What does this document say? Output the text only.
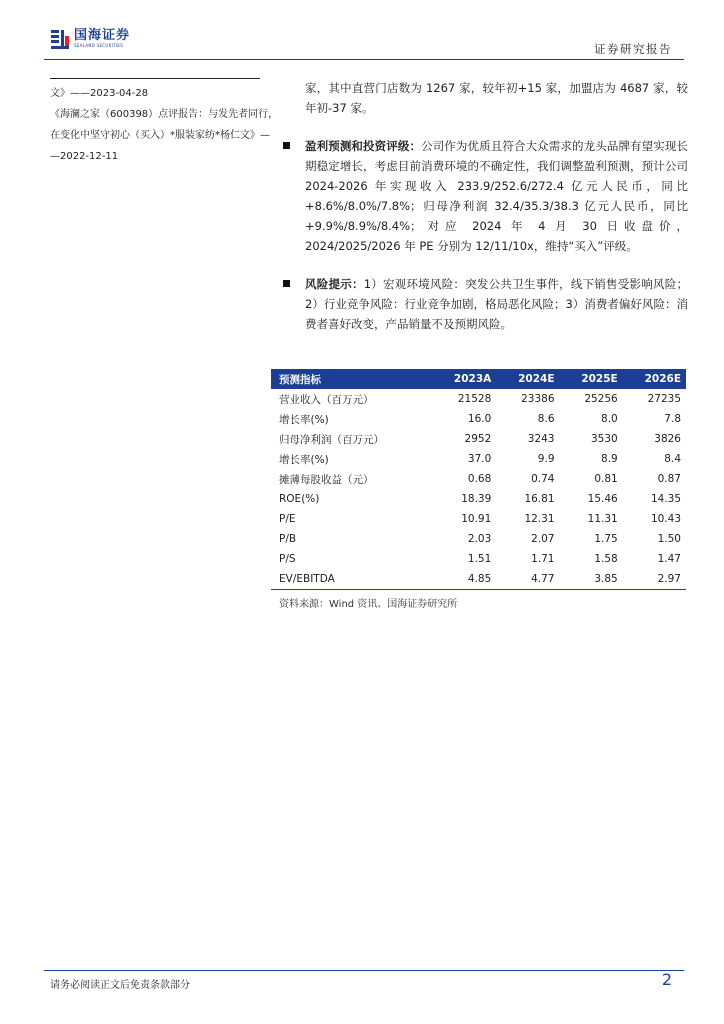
国海证券
SEALAND SECURITIES	证券研究报告

文》——2023-04-28

《海澜之家（600398）点评报告：与发先者同行，

在变化中坚守初心（买入）*服装家纺*杨仁文》—

—2022-12-11

家，其中直营门店数为 1267 家，较年初+15 家，加盟店为 4687 家，较年初-37 家。

盈利预测和投资评级：公司作为优质且符合大众需求的龙头品牌有望实现长期稳定增长，考虑目前消费环境的不确定性，我们调整盈利预测，预计公司 2024-2026 年实现收入 233.9/252.6/272.4 亿元人民币，同比+8.6%/8.0%/7.8%；归母净利润 32.4/35.3/38.3 亿元人民币，同比+9.9%/8.9%/8.4%；对应 2024 年 4 月 30 日收盘价，2024/2025/2026 年 PE 分别为 12/11/10x，维持“买入”评级。
风险提示：1）宏观环境风险：突发公共卫生事件，线下销售受影响风险；2）行业竞争风险：行业竞争加剧，格局恶化风险；3）消费者偏好风险：消费者喜好改变，产品销量不及预期风险。
预测指标	2023A	2024E	2025E	2026E
营业收入（百万元）	21528	23386	25256	27235
增长率(%)	16.0	8.6	8.0	7.8
归母净利润（百万元）	2952	3243	3530	3826
增长率(%)	37.0	9.9	8.9	8.4
摊薄每股收益（元）	0.68	0.74	0.81	0.87
ROE(%)	18.39	16.81	15.46	14.35
P/E	10.91	12.31	11.31	10.43
P/B	2.03	2.07	1.75	1.50
P/S	1.51	1.71	1.58	1.47
EV/EBITDA	4.85	4.77	3.85	2.97
资料来源：Wind 资讯、国海证券研究所
请务必阅读正文后免责条款部分	2
